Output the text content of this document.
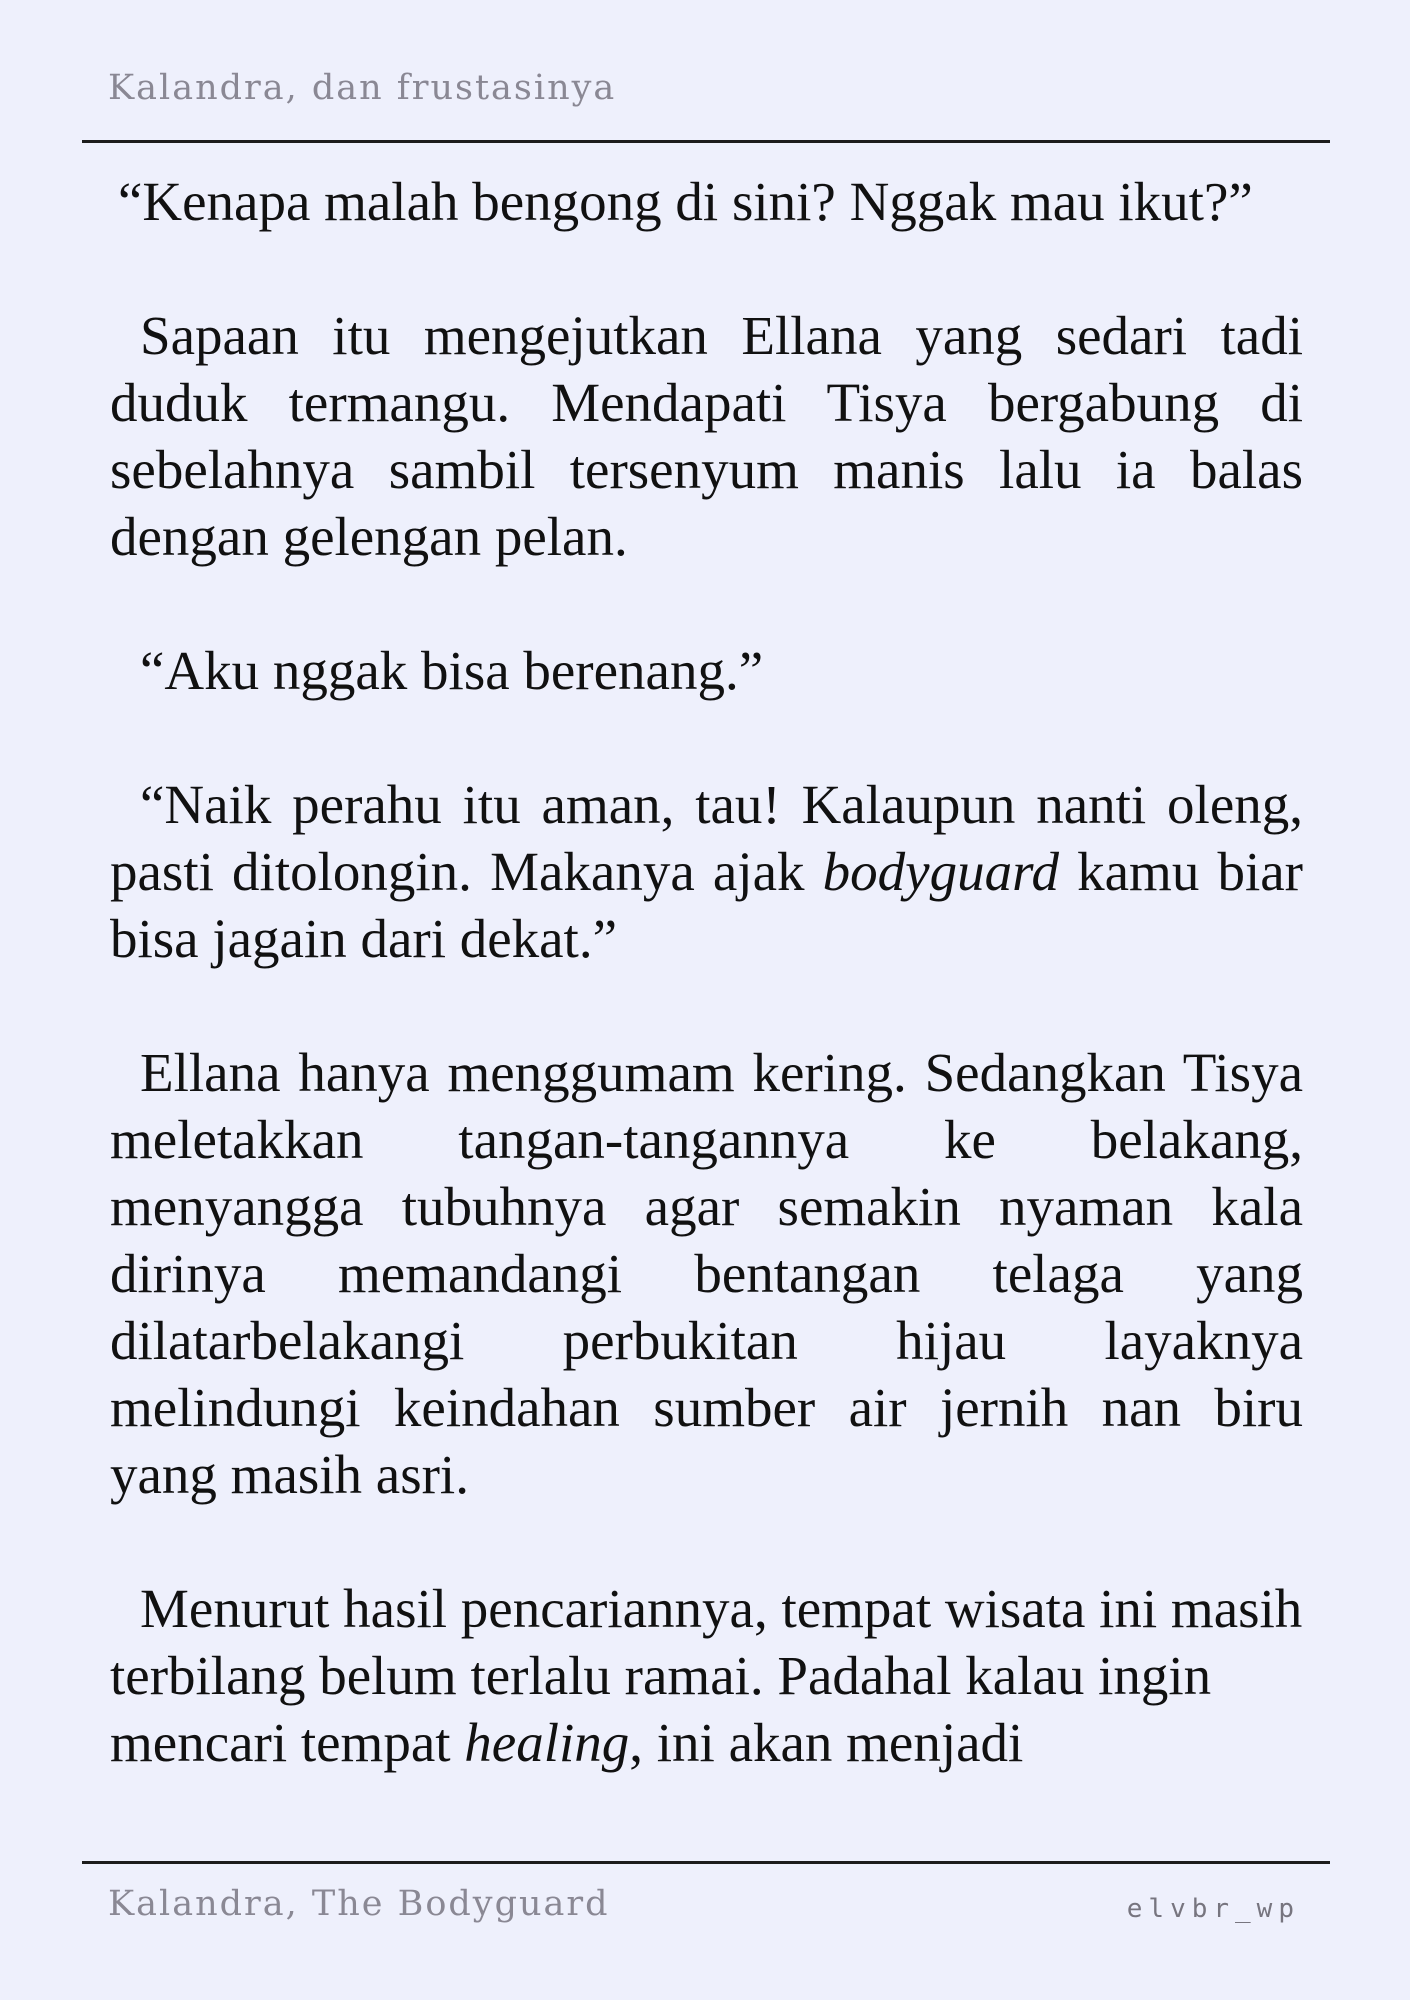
Kalandra, dan frustasinya

“Kenapa malah bengong di sini? Nggak mau ikut?”

Sapaan itu mengejutkan Ellana yang sedari tadi duduk termangu. Mendapati Tisya bergabung di sebelahnya sambil tersenyum manis lalu ia balas dengan gelengan pelan.

“Aku nggak bisa berenang.”

“Naik perahu itu aman, tau! Kalaupun nanti oleng, pasti ditolongin. Makanya ajak bodyguard kamu biar bisa jagain dari dekat.”

Ellana hanya menggumam kering. Sedangkan Tisya meletakkan tangan-tangannya ke belakang, menyangga tubuhnya agar semakin nyaman kala dirinya memandangi bentangan telaga yang dilatarbelakangi perbukitan hijau layaknya melindungi keindahan sumber air jernih nan biru yang masih asri.

Menurut hasil pencariannya, tempat wisata ini masih terbilang belum terlalu ramai. Padahal kalau ingin mencari tempat healing, ini akan menjadi

Kalandra, The Bodyguard	elvbr_wp
